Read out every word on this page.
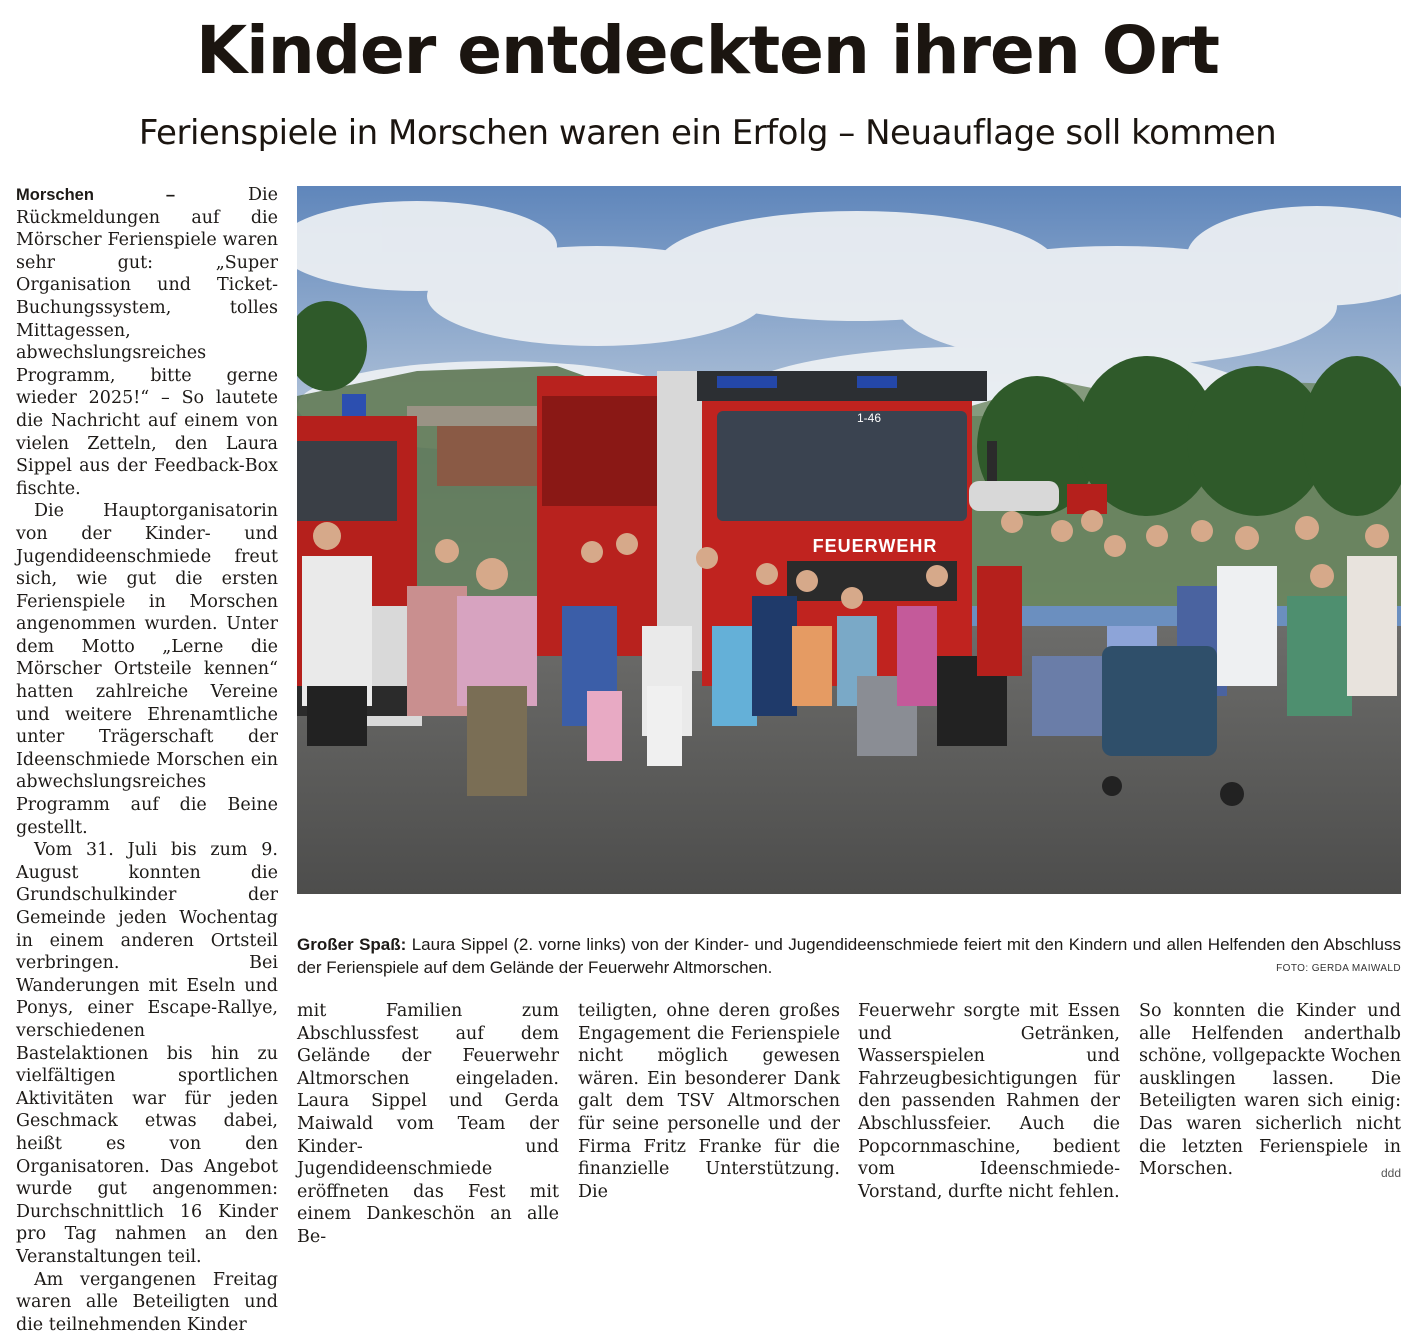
Kinder entdeckten ihren Ort
Ferienspiele in Morschen waren ein Erfolg – Neuauflage soll kommen

Morschen –	Die Rückmeldungen auf die Mörscher Ferienspiele waren sehr gut: „Super Organisation und Ticket-Buchungssystem, tolles Mittagessen, abwechslungsreiches Programm, bitte gerne wieder 2025!“ – So lautete die Nachricht auf einem von vielen Zetteln, den Laura Sippel aus der Feedback-Box fischte.

Die Hauptorganisatorin von der Kinder- und Jugendideenschmiede freut sich, wie gut die ersten Ferienspiele in Morschen angenommen wurden. Unter dem Motto „Lerne die Mörscher Ortsteile kennen“ hatten zahlreiche Vereine und weitere Ehrenamtliche unter Trägerschaft der Ideenschmiede Morschen ein abwechslungsreiches Programm auf die Beine gestellt.

Vom 31. Juli bis zum 9. August konnten die Grundschulkinder der Gemeinde jeden Wochentag in einem anderen Ortsteil verbringen. Bei Wanderungen mit Eseln und Ponys, einer Escape-Rallye, verschiedenen Bastelaktionen bis hin zu vielfältigen sportlichen Aktivitäten war für jeden Geschmack etwas dabei, heißt es von den Organisatoren. Das Angebot wurde gut angenommen: Durchschnittlich 16 Kinder pro Tag nahmen an den Veranstaltungen teil.

Am vergangenen Freitag waren alle Beteiligten und die teilnehmenden Kinder

1-46
FEUERWEHR
Großer Spaß: Laura Sippel (2. vorne links) von der Kinder- und Jugendideenschmiede feiert mit den Kindern und allen Helfenden den Abschluss der Ferienspiele auf dem Gelände der Feuerwehr Altmorschen.	FOTO: GERDA MAIWALD

mit Familien zum Abschlussfest auf dem Gelände der Feuerwehr Altmorschen eingeladen. Laura Sippel und Gerda Maiwald vom Team der Kinder- und Jugendideenschmiede eröffneten das Fest mit einem Dankeschön an alle Be-

teiligten, ohne deren großes Engagement die Ferienspiele nicht möglich gewesen wären. Ein besonderer Dank galt dem TSV Altmorschen für seine personelle und der Firma Fritz Franke für die finanzielle Unterstützung. Die

Feuerwehr sorgte mit Essen und Getränken, Wasserspielen und Fahrzeugbesichtigungen für den passenden Rahmen der Abschlussfeier. Auch die Popcornmaschine, bedient vom Ideenschmiede-Vorstand, durfte nicht fehlen.

So konnten die Kinder und alle Helfenden anderthalb schöne, vollgepackte Wochen ausklingen lassen. Die Beteiligten waren sich einig: Das waren sicherlich nicht die letzten Ferienspiele in Morschen.	ddd
